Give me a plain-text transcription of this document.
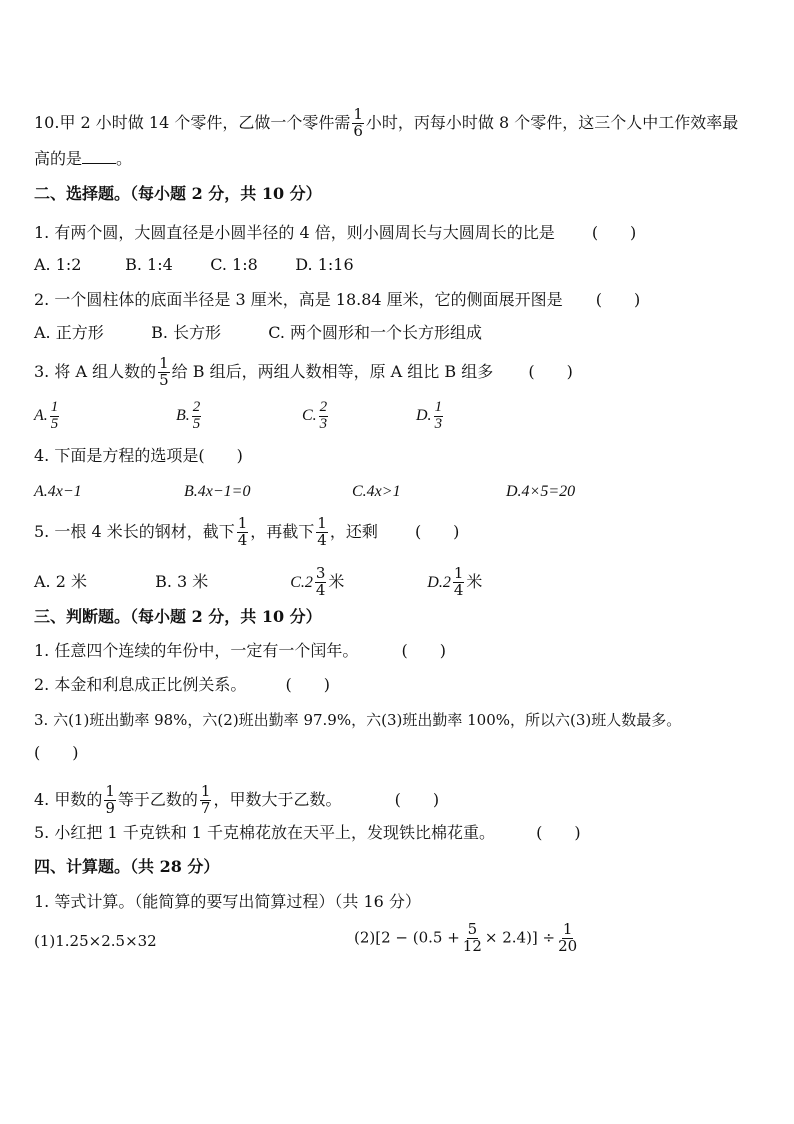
10.甲 2 小时做 14 个零件，乙做一个零件需 $\frac{1}{6}$ 小时，丙每小时做 8 个零件，这三个人中工作效率最
高的是 。
二、选择题。（每小题 2 分，共 10 分）
1. 有两个圆，大圆直径是小圆半径的 4 倍，则小圆周长与大圆周长的比是 (　　)
A. 1:2	B. 1:4 C. 1:8 D. 1:16
2. 一个圆柱体的底面半径是 3 厘米，高是 18.84 厘米，它的侧面展开图是 (　　)
A. 正方形	B. 长方形	C. 两个圆形和一个长方形组成
3. 将 A 组人数的 $\frac{1}{5}$ 给 B 组后，两组人数相等，原 A 组比 B 组多 (　　)
A. $\frac{1}{5}$	B. $\frac{2}{5}$	C. $\frac{2}{3}$	D. $\frac{1}{3}$
4. 下面是方程的选项是(　　)
A.4x−1	B.4x−1=0	C.4x>1	D.4×5=20
5. 一根 4 米长的钢材，截下 $\frac{1}{4}$ ，再截下 $\frac{1}{4}$ ，还剩 (　　)
A. 2 米	B. 3 米	$C.2 \frac{3}{4}$ 米	$D.2 \frac{1}{4}$ 米
三、判断题。（每小题 2 分，共 10 分）
1. 任意四个连续的年份中，一定有一个闰年。	(　　)
2. 本金和利息成正比例关系。 (　　)
3. 六(1)班出勤率 98%，六(2)班出勤率 97.9%，六(3)班出勤率 100%，所以六(3)班人数最多。
(　　)
4. 甲数的 $\frac{1}{9}$ 等于乙数的 $\frac{1}{7}$ ，甲数大于乙数。	(　　)
5. 小红把 1 千克铁和 1 千克棉花放在天平上，发现铁比棉花重。	(　　)
四、计算题。（共 28 分）
1. 等式计算。（能简算的要写出简算过程）（共 16 分）
(1)1.25×2.5×32	$(2)[2 - (0.5 + \frac{5}{12} \times 2.4)] \div \frac{1}{20}$
